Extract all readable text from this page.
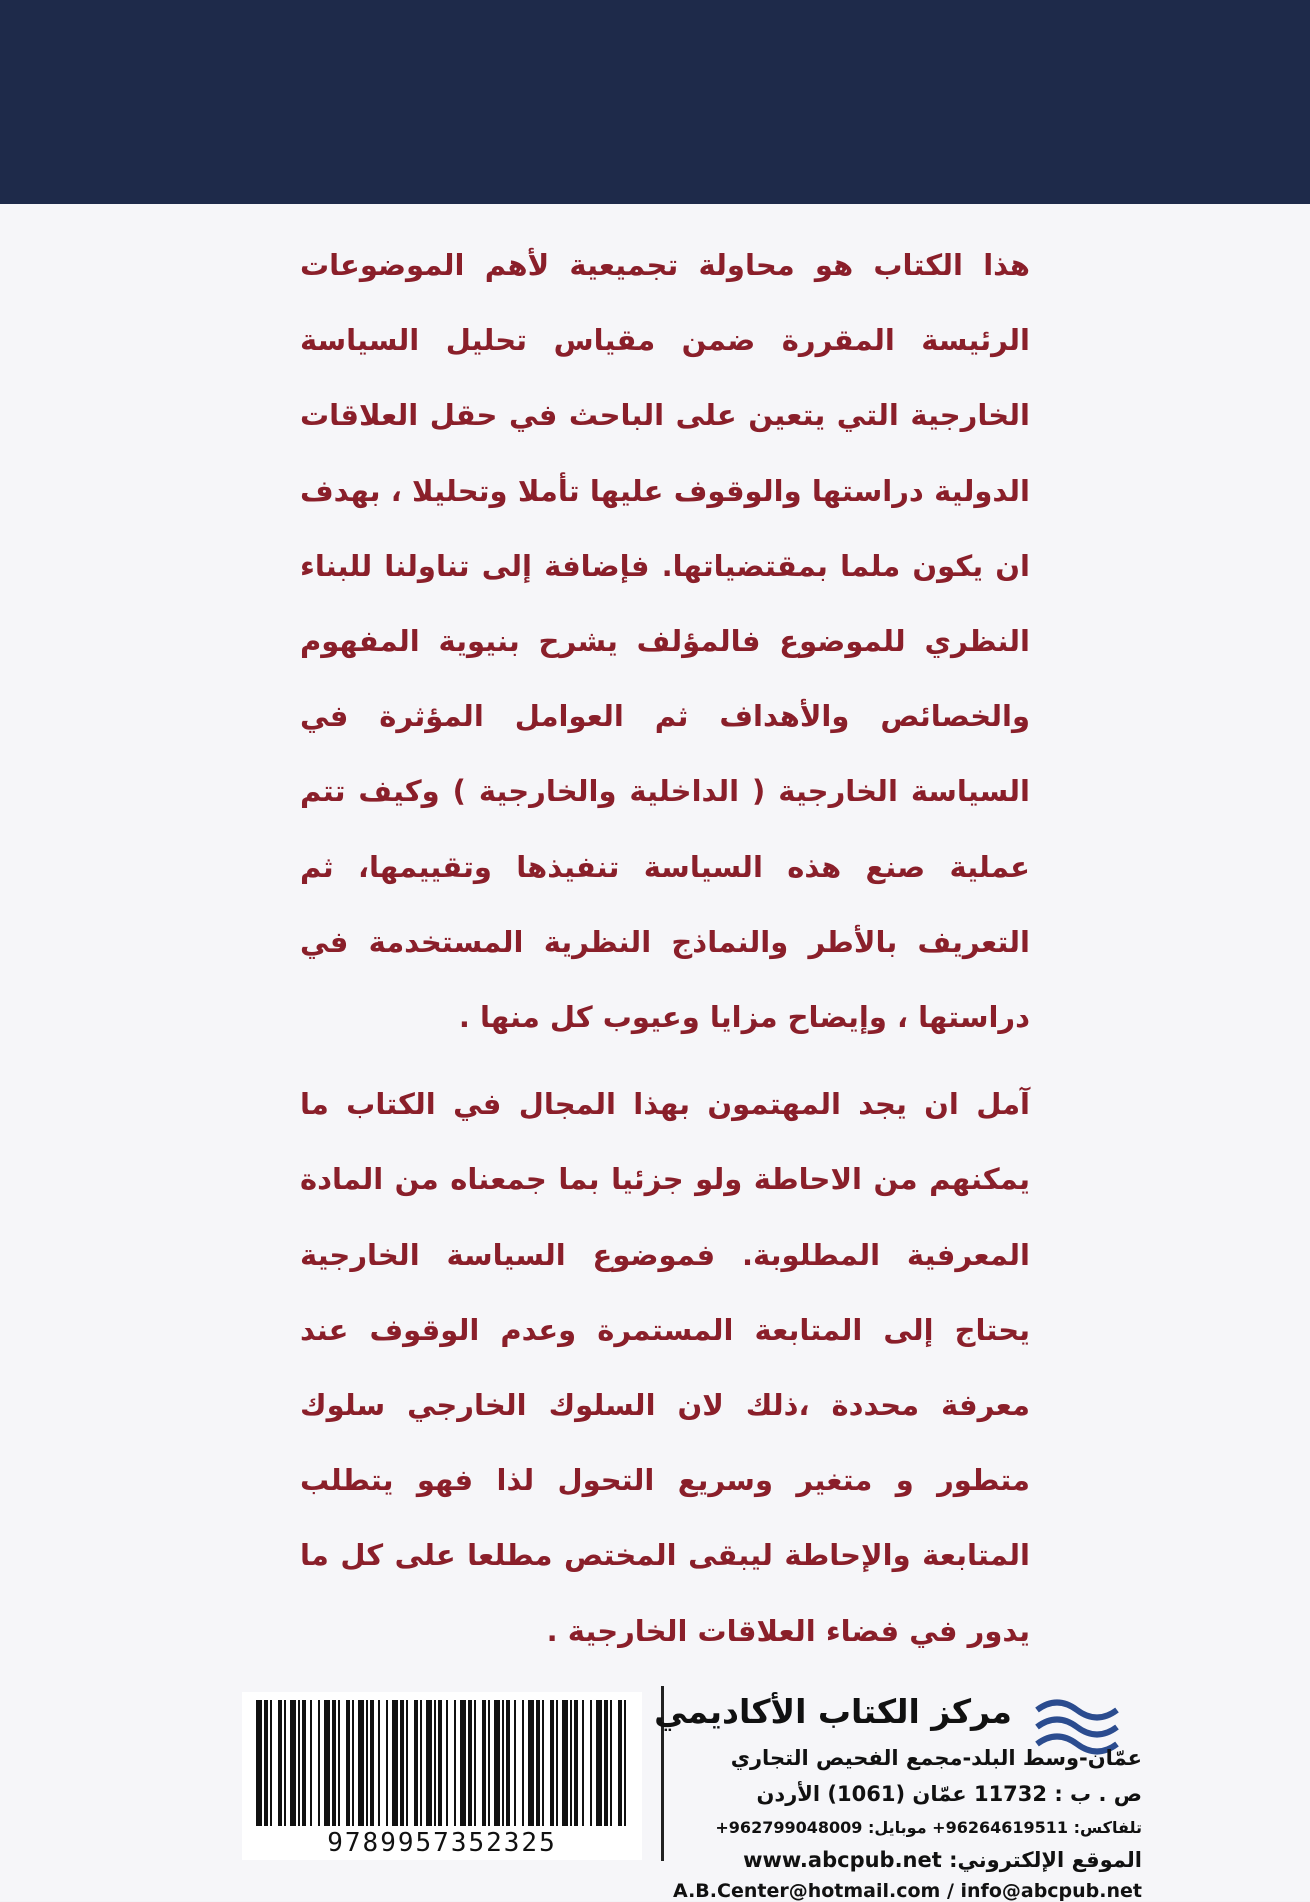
هذا الكتاب هو محاولة تجميعية لأهم الموضوعات الرئيسة المقررة ضمن مقياس تحليل السياسة الخارجية التي يتعين على الباحث في حقل العلاقات الدولية دراستها والوقوف عليها تأملا وتحليلا ، بهدف ان يكون ملما بمقتضياتها. فإضافة إلى تناولنا للبناء النظري للموضوع فالمؤلف يشرح بنيوية المفهوم والخصائص والأهداف ثم العوامل المؤثرة في السياسة الخارجية ( الداخلية والخارجية ) وكيف تتم عملية صنع هذه السياسة تنفيذها وتقييمها، ثم التعريف بالأطر والنماذج النظرية المستخدمة في دراستها ، وإيضاح مزايا وعيوب كل منها .

آمل ان يجد المهتمون بهذا المجال في الكتاب ما يمكنهم من الاحاطة ولو جزئيا بما جمعناه من المادة المعرفية المطلوبة. فموضوع السياسة الخارجية يحتاج إلى المتابعة المستمرة وعدم الوقوف عند معرفة محددة ،ذلك لان السلوك الخارجي سلوك متطور و متغير وسريع التحول لذا فهو يتطلب المتابعة والإحاطة ليبقى المختص مطلعا على كل ما يدور في فضاء العلاقات الخارجية .

مركز الكتاب الأكاديمي
عمّان-وسط البلد-مجمع الفحيص التجاري
ص . ب : 11732 عمّان (1061) الأردن
تلفاكس: 96264619511+ موبايل: 962799048009+
الموقع الإلكتروني: www.abcpub.net
A.B.Center@hotmail.com / info@abcpub.net
9789957352325
